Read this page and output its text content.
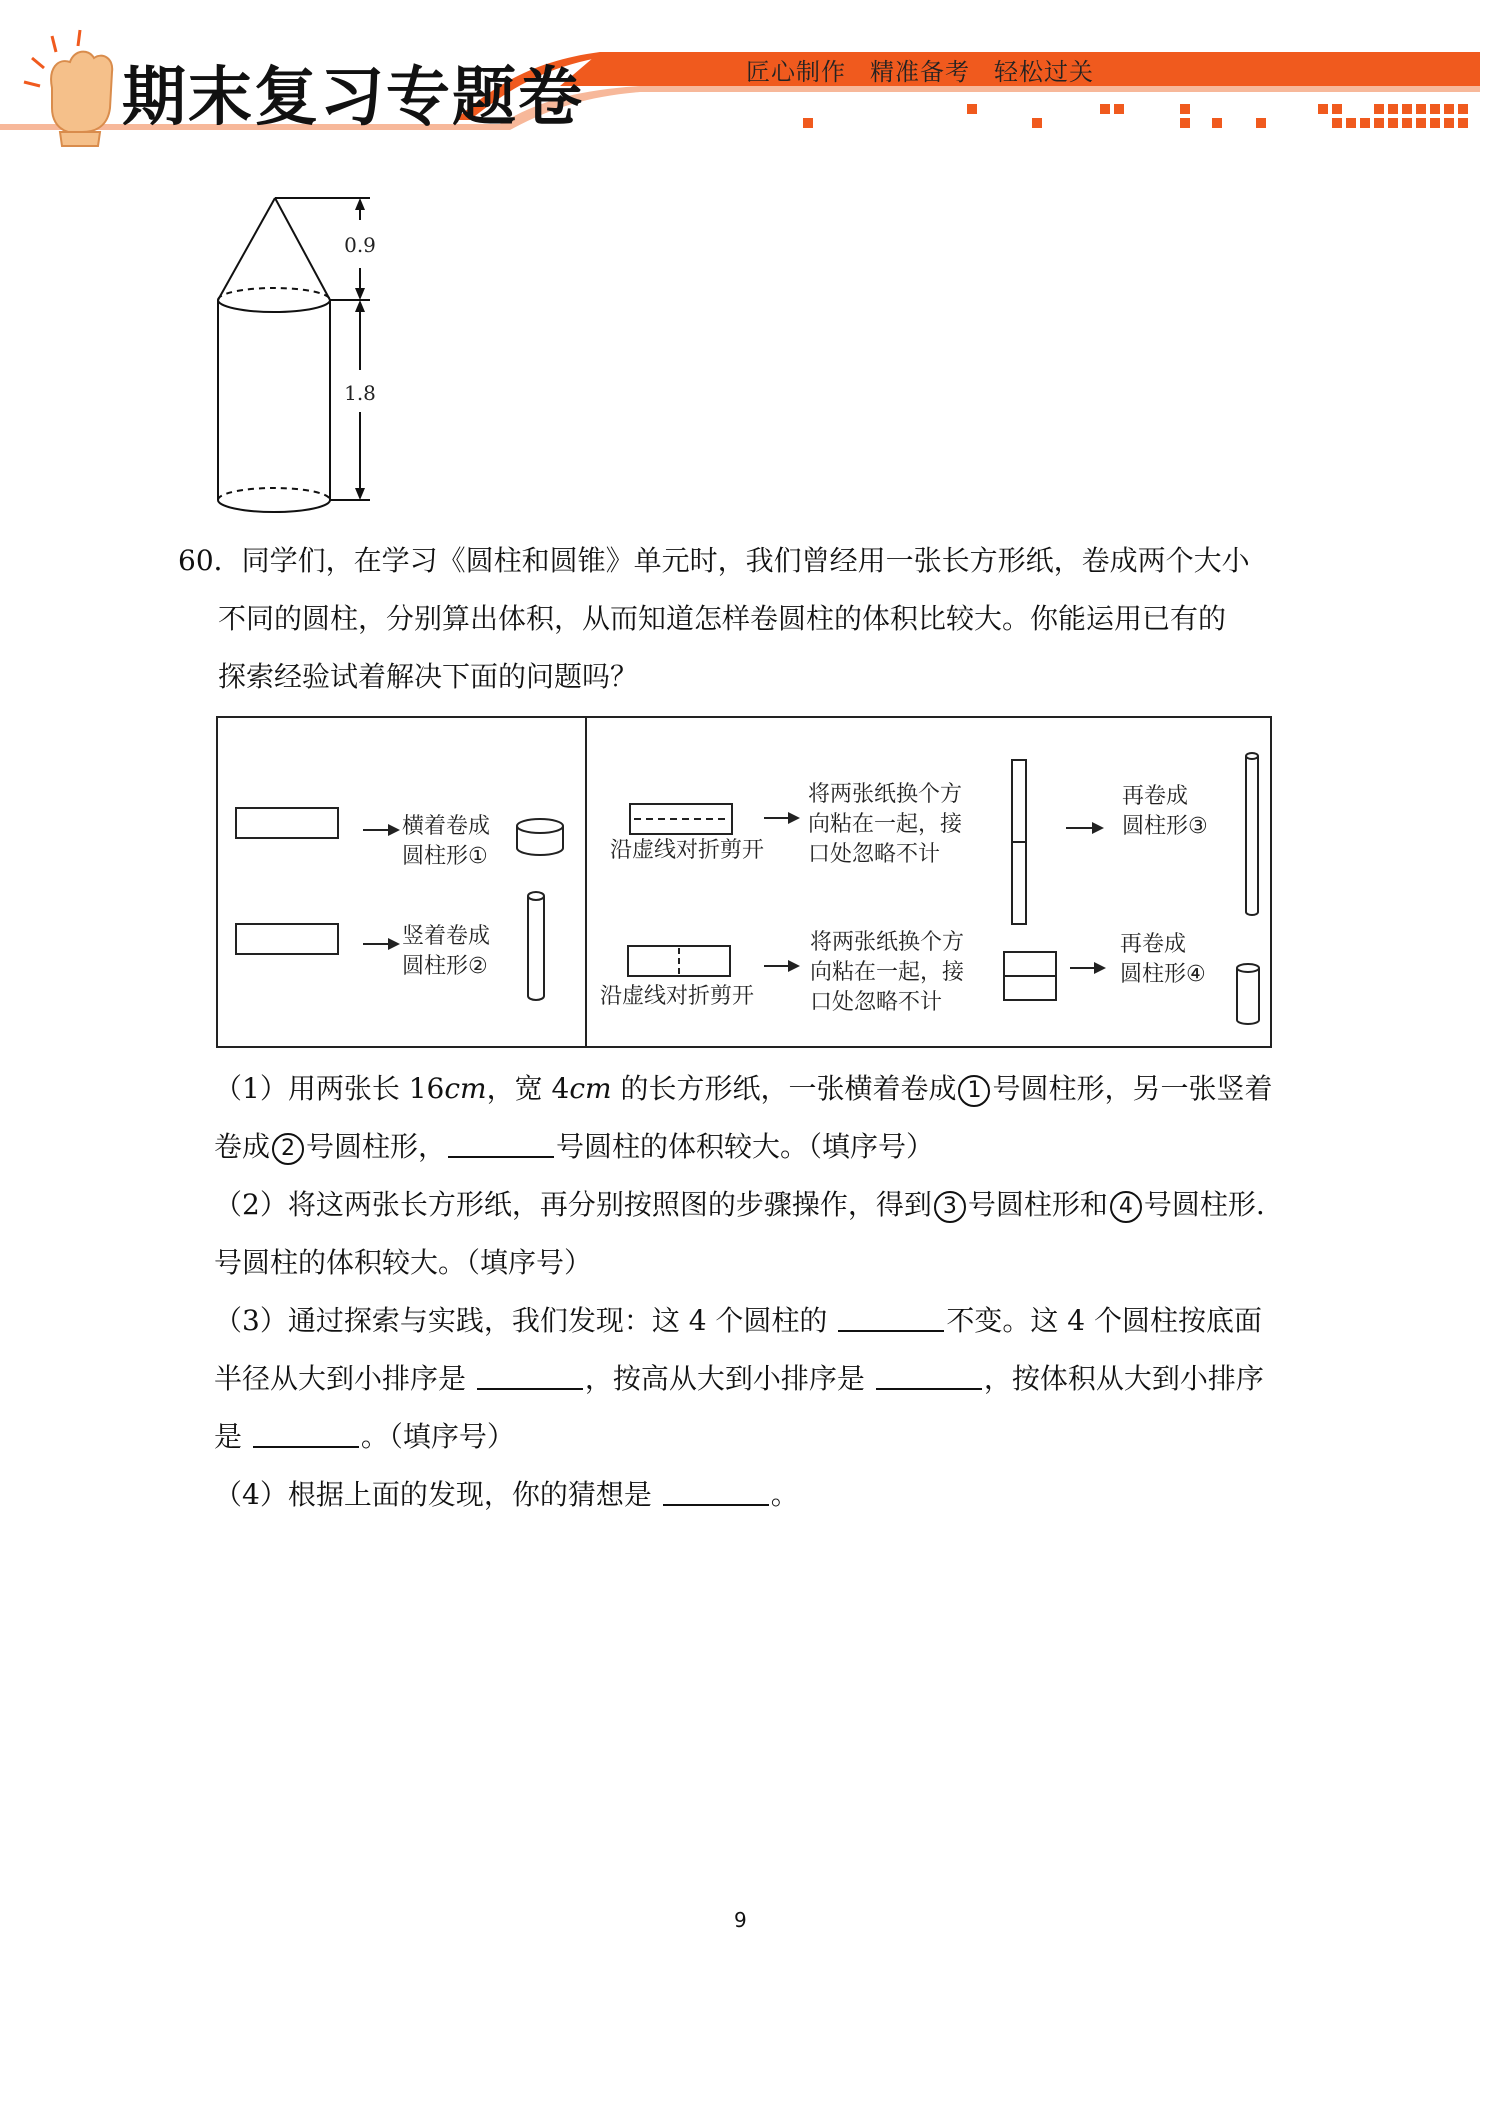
期末复习专题卷	匠心制作 精准备考 轻松过关
0.9
1.8
60．同学们，在学习《圆柱和圆锥》单元时，我们曾经用一张长方形纸，卷成两个大小
不同的圆柱，分别算出体积，从而知道怎样卷圆柱的体积比较大。你能运用已有的
探索经验试着解决下面的问题吗？
横着卷成
圆柱形①
竖着卷成
圆柱形②
沿虚线对折剪开
沿虚线对折剪开
将两张纸换个方
向粘在一起，接
口处忽略不计
将两张纸换个方
向粘在一起，接
口处忽略不计
再卷成
圆柱形③
再卷成
圆柱形④
（1）用两张长 16cm，宽 4cm 的长方形纸，一张横着卷成 1 号圆柱形，另一张竖着
卷成 2 号圆柱形，	号圆柱的体积较大。（填序号）
（2）将这两张长方形纸，再分别按照图的步骤操作，得到 3 号圆柱形和 4 号圆柱形.
号圆柱的体积较大。（填序号）
（3）通过探索与实践，我们发现：这 4 个圆柱的	不变。这 4 个圆柱按底面
半径从大到小排序是	，按高从大到小排序是	，按体积从大到小排序
是	。（填序号）
（4）根据上面的发现，你的猜想是	。
9
